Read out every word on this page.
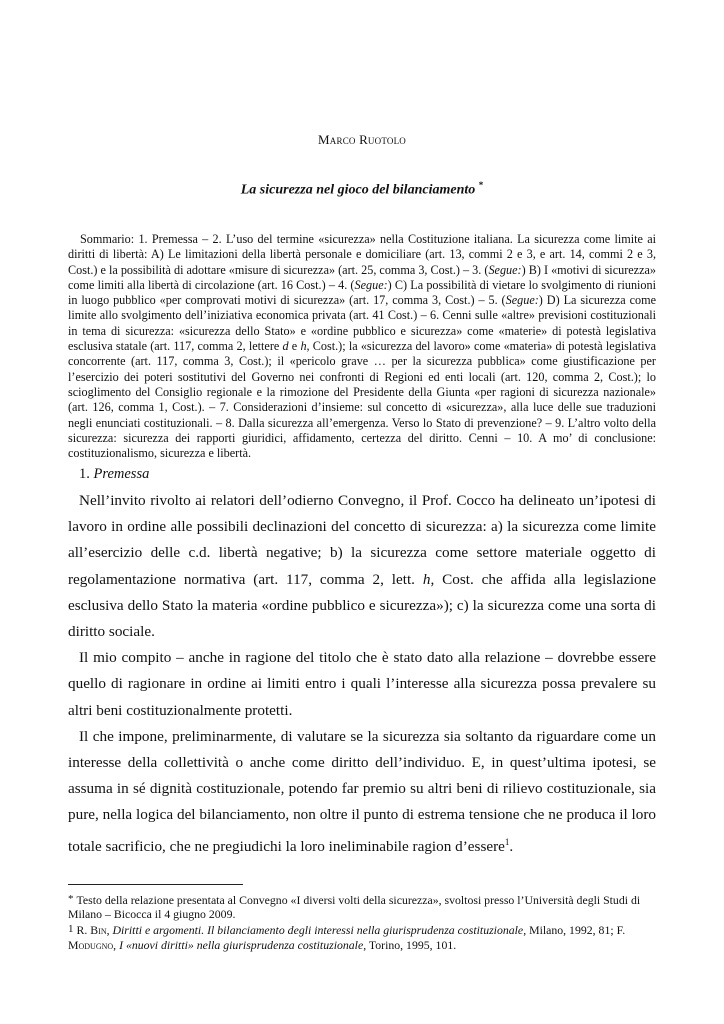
Marco Ruotolo
La sicurezza nel gioco del bilanciamento *
Sommario: 1. Premessa – 2. L’uso del termine «sicurezza» nella Costituzione italiana. La sicurezza come limite ai diritti di libertà: A) Le limitazioni della libertà personale e domiciliare (art. 13, commi 2 e 3, e art. 14, commi 2 e 3, Cost.) e la possibilità di adottare «misure di sicurezza» (art. 25, comma 3, Cost.) – 3. (Segue:) B) I «motivi di sicurezza» come limiti alla libertà di circolazione (art. 16 Cost.) – 4. (Segue:) C) La possibilità di vietare lo svolgimento di riunioni in luogo pubblico «per comprovati motivi di sicurezza» (art. 17, comma 3, Cost.) – 5. (Segue:) D) La sicurezza come limite allo svolgimento dell’iniziativa economica privata (art. 41 Cost.) – 6. Cenni sulle «altre» previsioni costituzionali in tema di sicurezza: «sicurezza dello Stato» e «ordine pubblico e sicurezza» come «materie» di potestà legislativa esclusiva statale (art. 117, comma 2, lettere d e h, Cost.); la «sicurezza del lavoro» come «materia» di potestà legislativa concorrente (art. 117, comma 3, Cost.); il «pericolo grave … per la sicurezza pubblica» come giustificazione per l’esercizio dei poteri sostitutivi del Governo nei confronti di Regioni ed enti locali (art. 120, comma 2, Cost.); lo scioglimento del Consiglio regionale e la rimozione del Presidente della Giunta «per ragioni di sicurezza nazionale» (art. 126, comma 1, Cost.). – 7. Considerazioni d’insieme: sul concetto di «sicurezza», alla luce delle sue traduzioni negli enunciati costituzionali. – 8. Dalla sicurezza all’emergenza. Verso lo Stato di prevenzione? – 9. L’altro volto della sicurezza: sicurezza dei rapporti giuridici, affidamento, certezza del diritto. Cenni – 10. A mo’ di conclusione: costituzionalismo, sicurezza e libertà.
1. Premessa

Nell’invito rivolto ai relatori dell’odierno Convegno, il Prof. Cocco ha delineato un’ipotesi di lavoro in ordine alle possibili declinazioni del concetto di sicurezza: a) la sicurezza come limite all’esercizio delle c.d. libertà negative; b) la sicurezza come settore materiale oggetto di regolamentazione normativa (art. 117, comma 2, lett. h, Cost. che affida alla legislazione esclusiva dello Stato la materia «ordine pubblico e sicurezza»); c) la sicurezza come una sorta di diritto sociale.

Il mio compito – anche in ragione del titolo che è stato dato alla relazione – dovrebbe essere quello di ragionare in ordine ai limiti entro i quali l’interesse alla sicurezza possa prevalere su altri beni costituzionalmente protetti.

Il che impone, preliminarmente, di valutare se la sicurezza sia soltanto da riguardare come un interesse della collettività o anche come diritto dell’individuo. E, in quest’ultima ipotesi, se assuma in sé dignità costituzionale, potendo far premio su altri beni di rilievo costituzionale, sia pure, nella logica del bilanciamento, non oltre il punto di estrema tensione che ne produca il loro totale sacrificio, che ne pregiudichi la loro ineliminabile ragion d’essere$^1$.

* Testo della relazione presentata al Convegno «I diversi volti della sicurezza», svoltosi presso l’Università degli Studi di Milano – Bicocca il 4 giugno 2009.

1 R. Bin, Diritti e argomenti. Il bilanciamento degli interessi nella giurisprudenza costituzionale, Milano, 1992, 81; F. Modugno, I «nuovi diritti» nella giurisprudenza costituzionale, Torino, 1995, 101.
